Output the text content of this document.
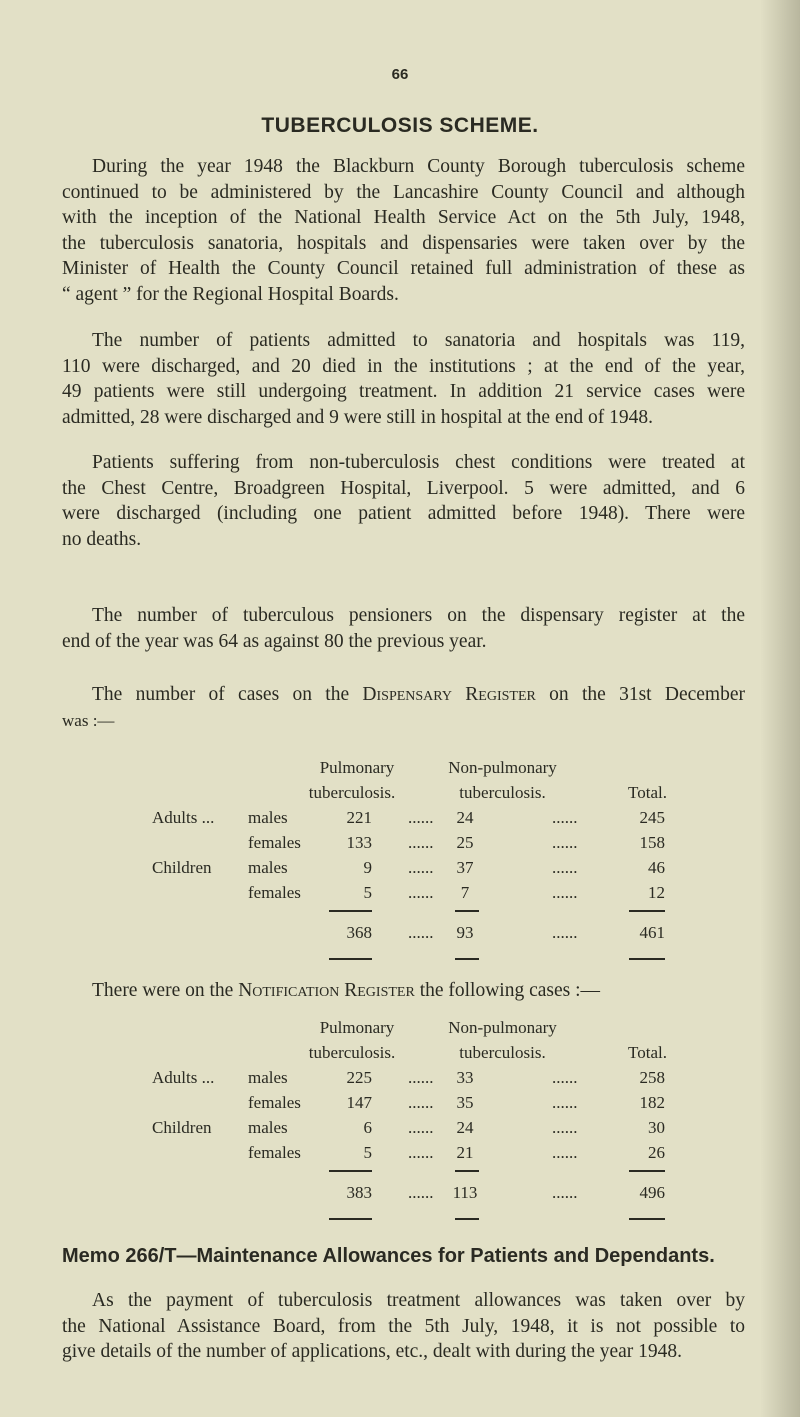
66
TUBERCULOSIS SCHEME.
During the year 1948 the Blackburn County Borough tuberculosis scheme
continued to be administered by the Lancashire County Council and although
with the inception of the National Health Service Act on the 5th July, 1948,
the tuberculosis sanatoria, hospitals and dispensaries were taken over by the
Minister of Health the County Council retained full administration of these as
“ agent ” for the Regional Hospital Boards.
The number of patients admitted to sanatoria and hospitals was 119,
110 were discharged, and 20 died in the institutions ; at the end of the year,
49 patients were still undergoing treatment. In addition 21 service cases were
admitted, 28 were discharged and 9 were still in hospital at the end of 1948.
Patients suffering from non-tuberculosis chest conditions were treated at
the Chest Centre, Broadgreen Hospital, Liverpool. 5 were admitted, and 6
were discharged (including one patient admitted before 1948). There were
no deaths.
The number of tuberculous pensioners on the dispensary register at the
end of the year was 64 as against 80 the previous year.
The number of cases on the Dispensary Register on the 31st December
was :—
Pulmonary
tuberculosis.
Non-pulmonary
tuberculosis.	Total.
Adults ... males	221 ......	24	......	245
females	133 ......	25	......	158
Children males	9 ......	37	......	46
females	5 ......	7	......	12
368 ......	93	......	461
There were on the Notification Register the following cases :—
Pulmonary
tuberculosis.
Non-pulmonary
tuberculosis.	Total.
Adults ... males	225 ......	33	......	258
females	147 ......	35	......	182
Children males	6 ......	24	......	30
females	5 ......	21	......	26
383 ......	113	......	496
Memo 266/T—Maintenance Allowances for Patients and Dependants.
As the payment of tuberculosis treatment allowances was taken over by
the National Assistance Board, from the 5th July, 1948, it is not possible to
give details of the number of applications, etc., dealt with during the year 1948.
